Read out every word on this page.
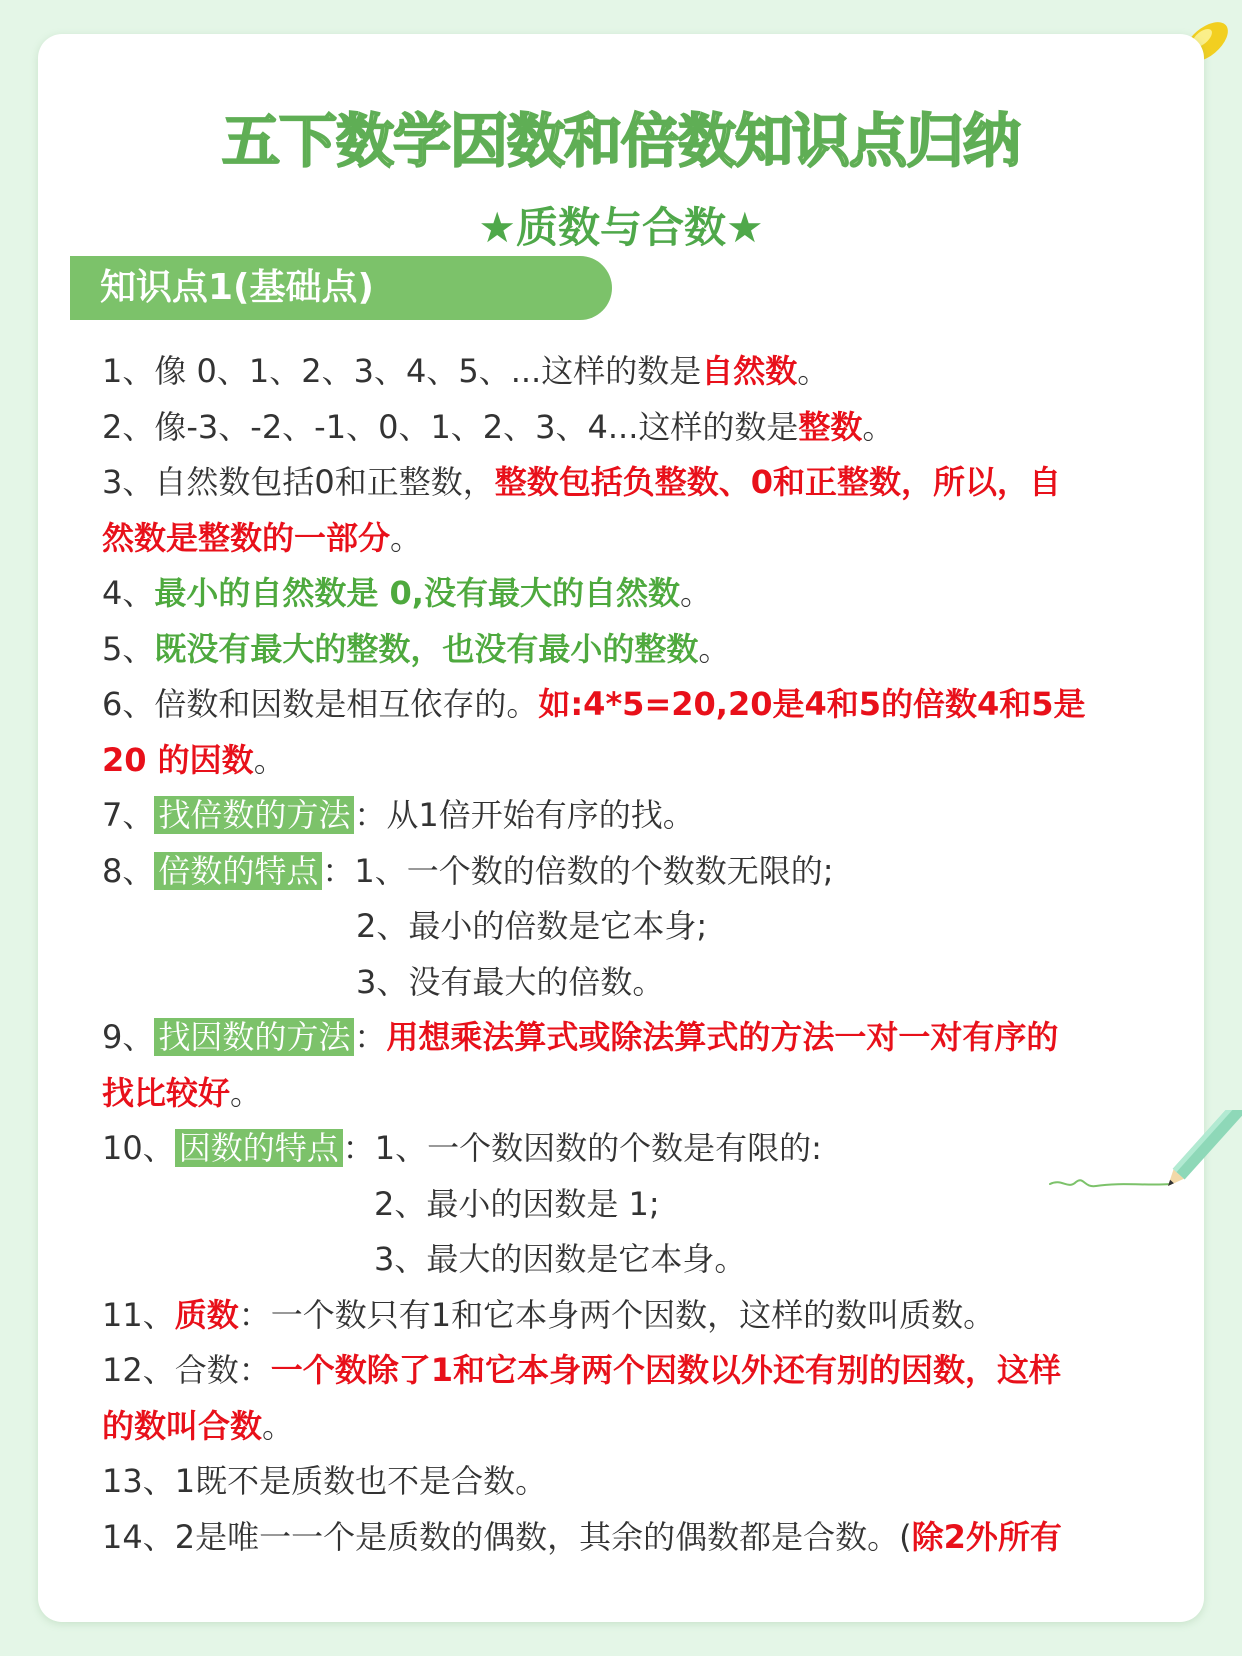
五下数学因数和倍数知识点归纳
★质数与合数★
知识点1(基础点)
1、像 0、1、2、3、4、5、...这样的数是自然数。
2、像-3、-2、-1、0、1、2、3、4...这样的数是整数。
3、自然数包括0和正整数，整数包括负整数、0和正整数，所以，自
然数是整数的一部分。
4、最小的自然数是 0,没有最大的自然数。
5、既没有最大的整数，也没有最小的整数。
6、倍数和因数是相互依存的。如:4*5=20,20是4和5的倍数4和5是
20 的因数。
7、 找倍数的方法 ：从1倍开始有序的找。
8、 倍数的特点 ：1、一个数的倍数的个数数无限的;
2、最小的倍数是它本身;
3、没有最大的倍数。
9、 找因数的方法 ：用想乘法算式或除法算式的方法一对一对有序的
找比较好。
10、 因数的特点 ：1、一个数因数的个数是有限的:
2、最小的因数是 1;
3、最大的因数是它本身。
11、质数：一个数只有1和它本身两个因数，这样的数叫质数。
12、合数：一个数除了1和它本身两个因数以外还有别的因数，这样
的数叫合数。
13、1既不是质数也不是合数。
14、2是唯一一个是质数的偶数，其余的偶数都是合数。(除2外所有
